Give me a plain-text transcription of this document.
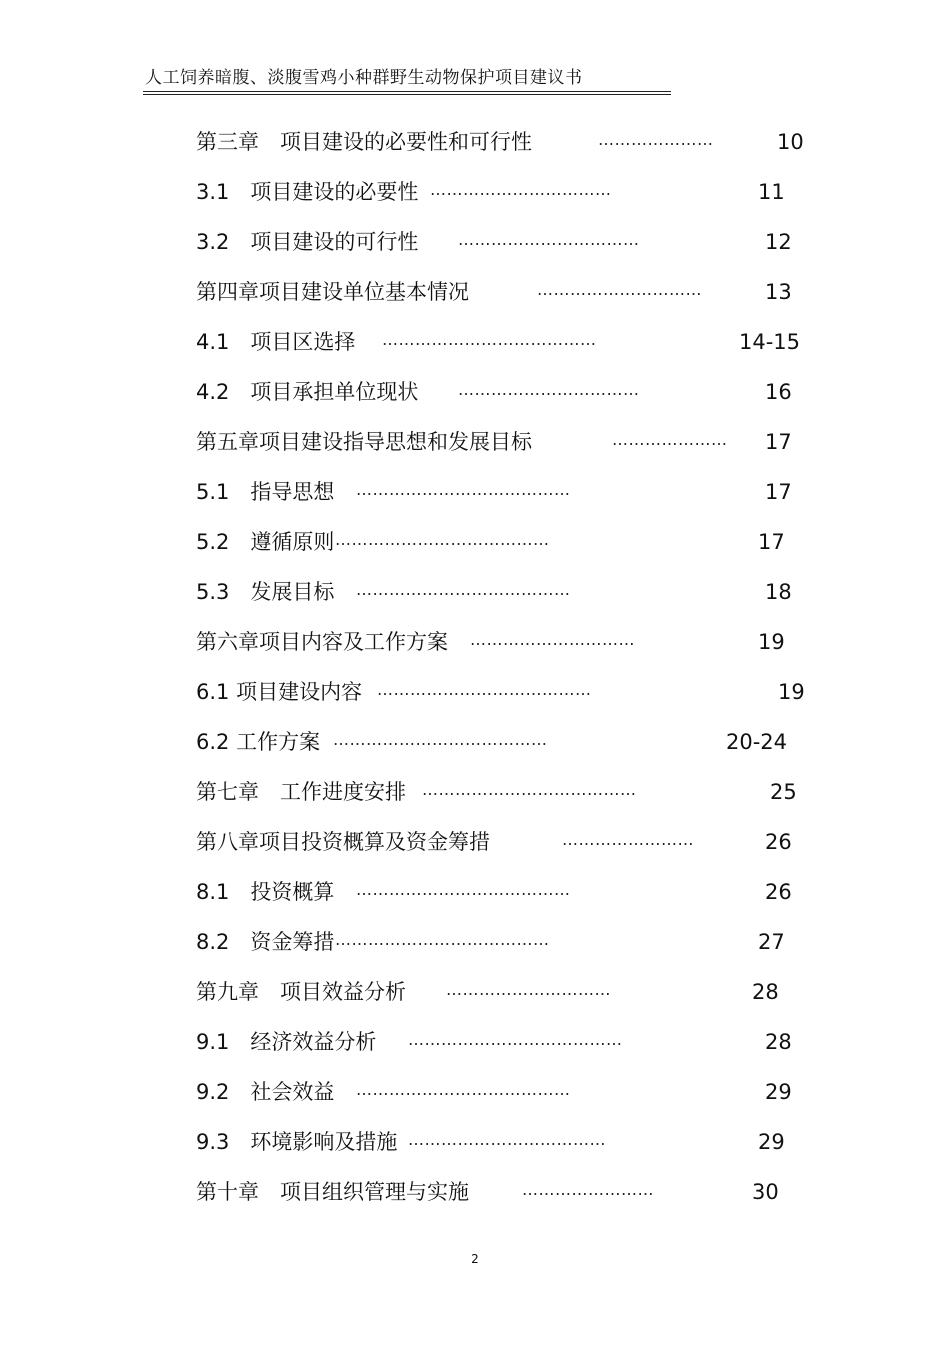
人工饲养暗腹、淡腹雪鸡小种群野生动物保护项目建议书
第三章　项目建设的必要性和可行性	…………………	10
3.1　项目建设的必要性 ……………………………	11
3.2　项目建设的可行性 ……………………………	12
第四章项目建设单位基本情况	…………………………	13
4.1　项目区选择 …………………………………	14-15
4.2　项目承担单位现状 ……………………………	16
第五章项目建设指导思想和发展目标	…………………	17
5.1　指导思想 …………………………………	17
5.2　遵循原则 …………………………………	17
5.3　发展目标 …………………………………	18
第六章项目内容及工作方案 …………………………	19
6.1 项目建设内容 …………………………………	19
6.2 工作方案 …………………………………	20-24
第七章　工作进度安排 …………………………………	25
第八章项目投资概算及资金筹措	……………………	26
8.1　投资概算 …………………………………	26
8.2　资金筹措 …………………………………	27
第九章　项目效益分析	…………………………	28
9.1　经济效益分析 …………………………………	28
9.2　社会效益 …………………………………	29
9.3　环境影响及措施 ………………………………	29
第十章　项目组织管理与实施	……………………	30
2
